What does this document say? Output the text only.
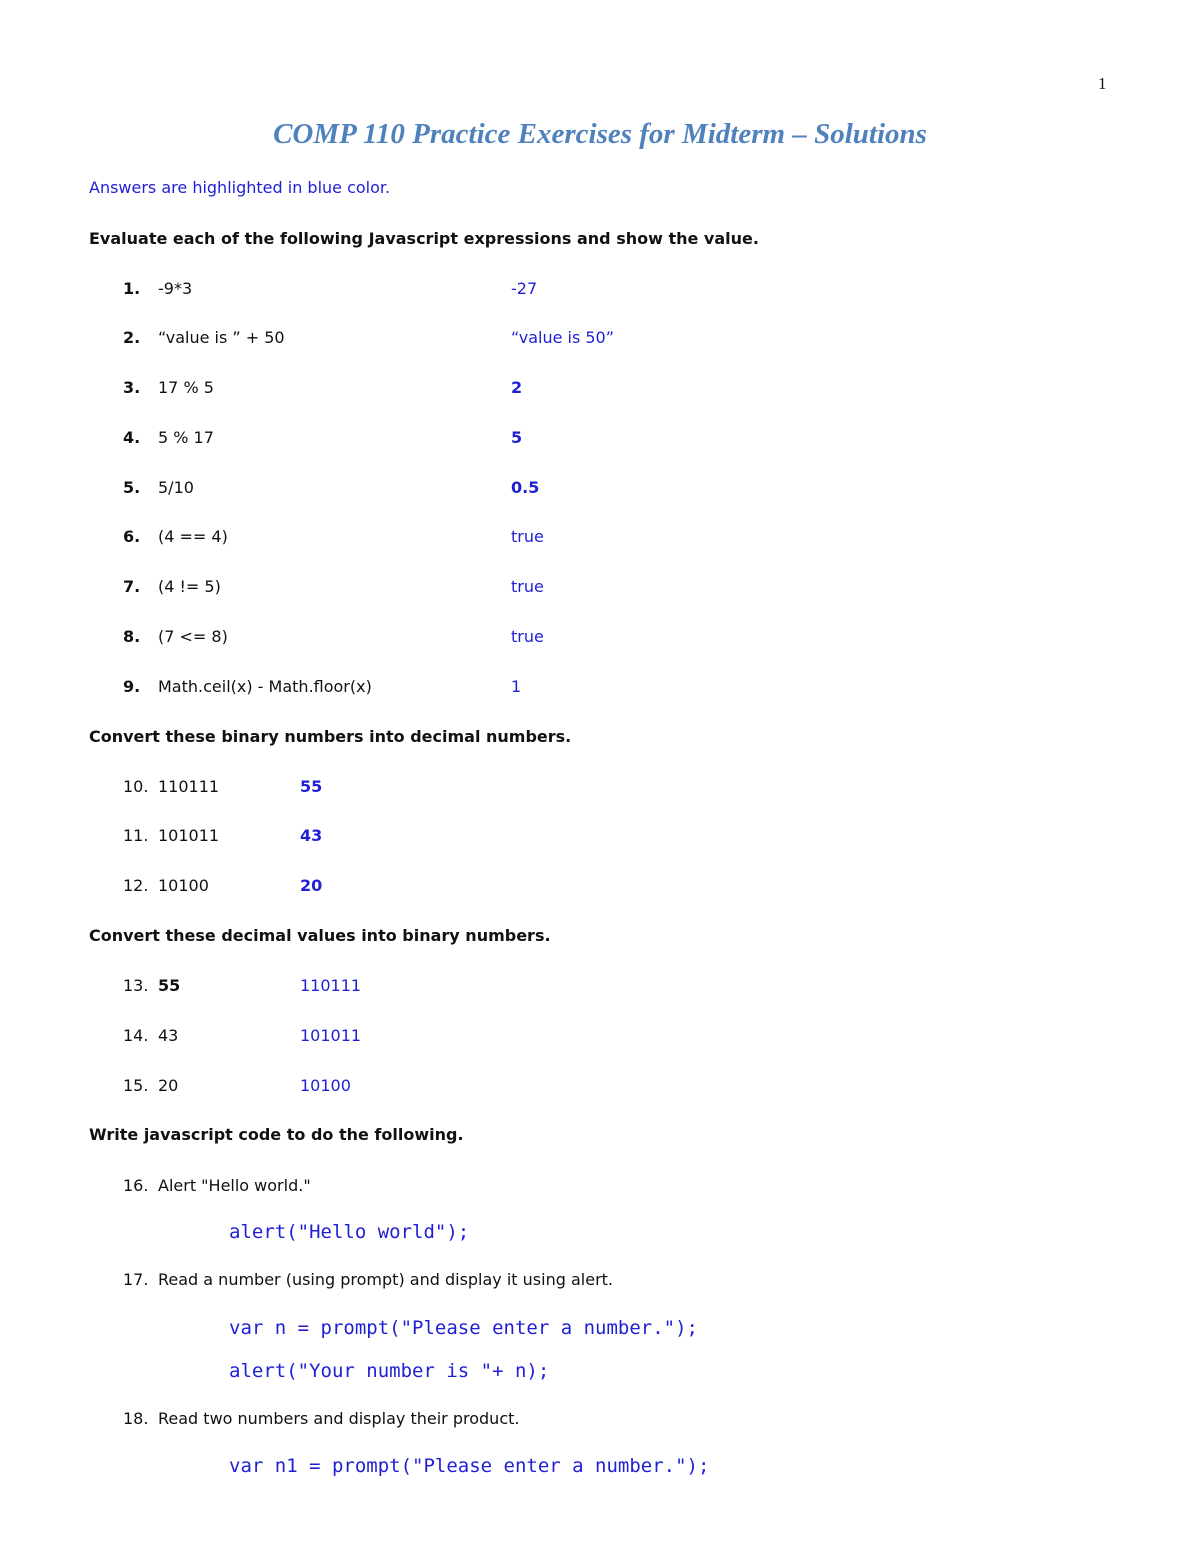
1
COMP 110 Practice Exercises for Midterm – Solutions
Answers are highlighted in blue color.
Evaluate each of the following Javascript expressions and show the value.
1. -9*3	-27
2. “value is ” + 50	“value is 50”
3. 17 % 5	2
4. 5 % 17	5
5. 5/10	0.5
6. (4 == 4)	true
7. (4 != 5)	true
8. (7 <= 8)	true
9. Math.ceil(x) - Math.floor(x)	1
Convert these binary numbers into decimal numbers.
10. 110111	55
11. 101011	43
12. 10100	20
Convert these decimal values into binary numbers.
13. 55	110111
14. 43	101011
15. 20	10100
Write javascript code to do the following.
16. Alert "Hello world."
alert("Hello world");
17. Read a number (using prompt) and display it using alert.
var n = prompt("Please enter a number.");
alert("Your number is "+ n);
18. Read two numbers and display their product.
var n1 = prompt("Please enter a number.");
